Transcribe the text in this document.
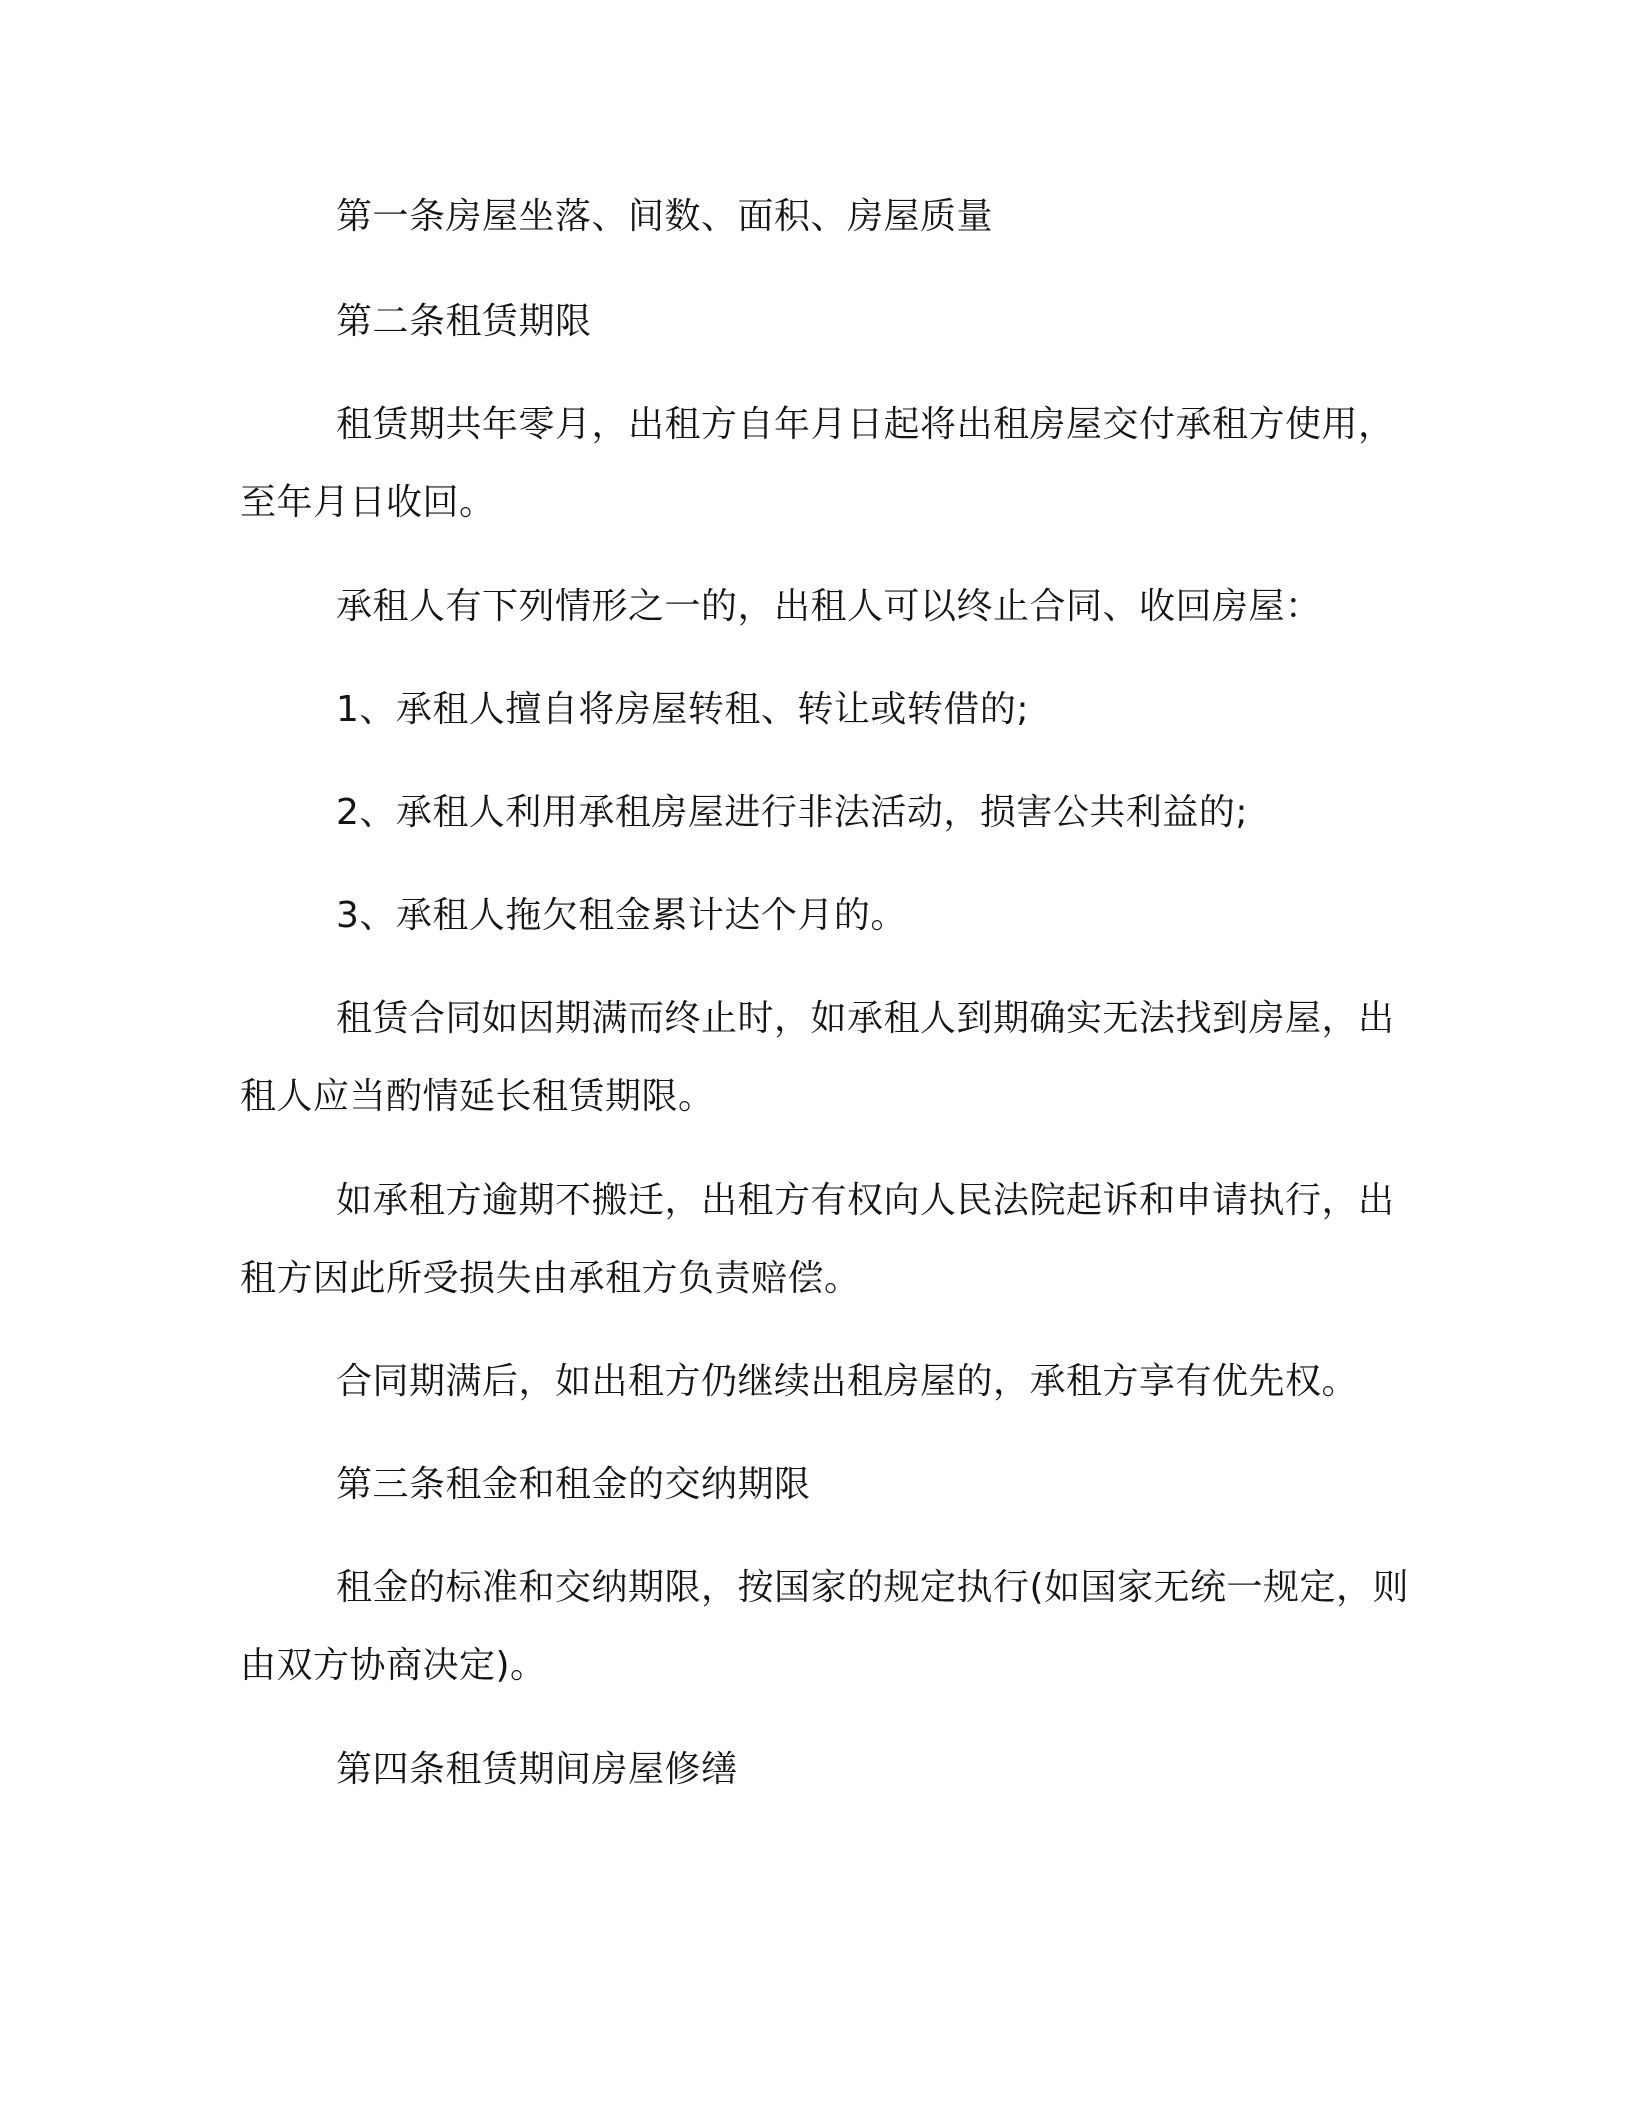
第一条房屋坐落、间数、面积、房屋质量

第二条租赁期限

租赁期共年零月，出租方自年月日起将出租房屋交付承租方使用，至年月日收回。

承租人有下列情形之一的，出租人可以终止合同、收回房屋：

1、承租人擅自将房屋转租、转让或转借的;

2、承租人利用承租房屋进行非法活动，损害公共利益的;

3、承租人拖欠租金累计达个月的。

租赁合同如因期满而终止时，如承租人到期确实无法找到房屋，出租人应当酌情延长租赁期限。

如承租方逾期不搬迁，出租方有权向人民法院起诉和申请执行，出租方因此所受损失由承租方负责赔偿。

合同期满后，如出租方仍继续出租房屋的，承租方享有优先权。

第三条租金和租金的交纳期限

租金的标准和交纳期限，按国家的规定执行(如国家无统一规定，则由双方协商决定)。

第四条租赁期间房屋修缮
